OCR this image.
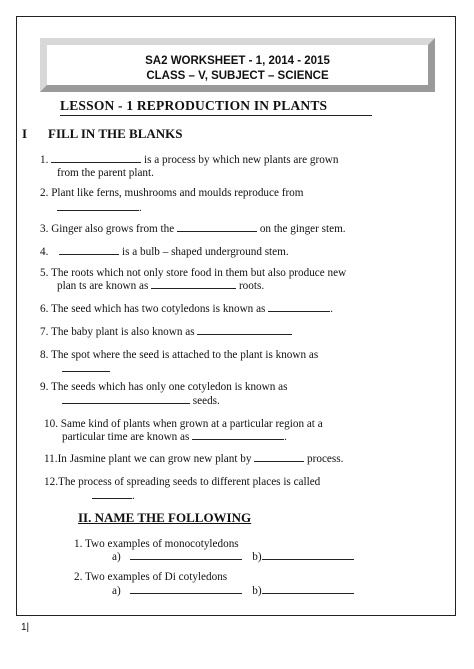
SA2 WORKSHEET - 1, 2014 - 2015
CLASS – V, SUBJECT – SCIENCE
LESSON - 1 REPRODUCTION IN PLANTS
I FILL IN THE BLANKS
1.	is a process by which new plants are grown
from the parent plant.
2. Plant like ferns, mushrooms and moulds reproduce from
.
3. Ginger also grows from the	on the ginger stem.
4.	is a bulb – shaped underground stem.
5. The roots which not only store food in them but also produce new
plan ts are known as	roots.
6. The seed which has two cotyledons is known as	.
7. The baby plant is also known as
8. The spot where the seed is attached to the plant is known as
9. The seeds which has only one cotyledon is known as
seeds.
10. Same kind of plants when grown at a particular region at a
particular time are known as	.
11.In Jasmine plant we can grow new plant by	process.
12.The process of spreading seeds to different places is called
.
II. NAME THE FOLLOWING
1. Two examples of monocotyledons
a)	b)
2. Two examples of Di cotyledons
a)	b)
1|
